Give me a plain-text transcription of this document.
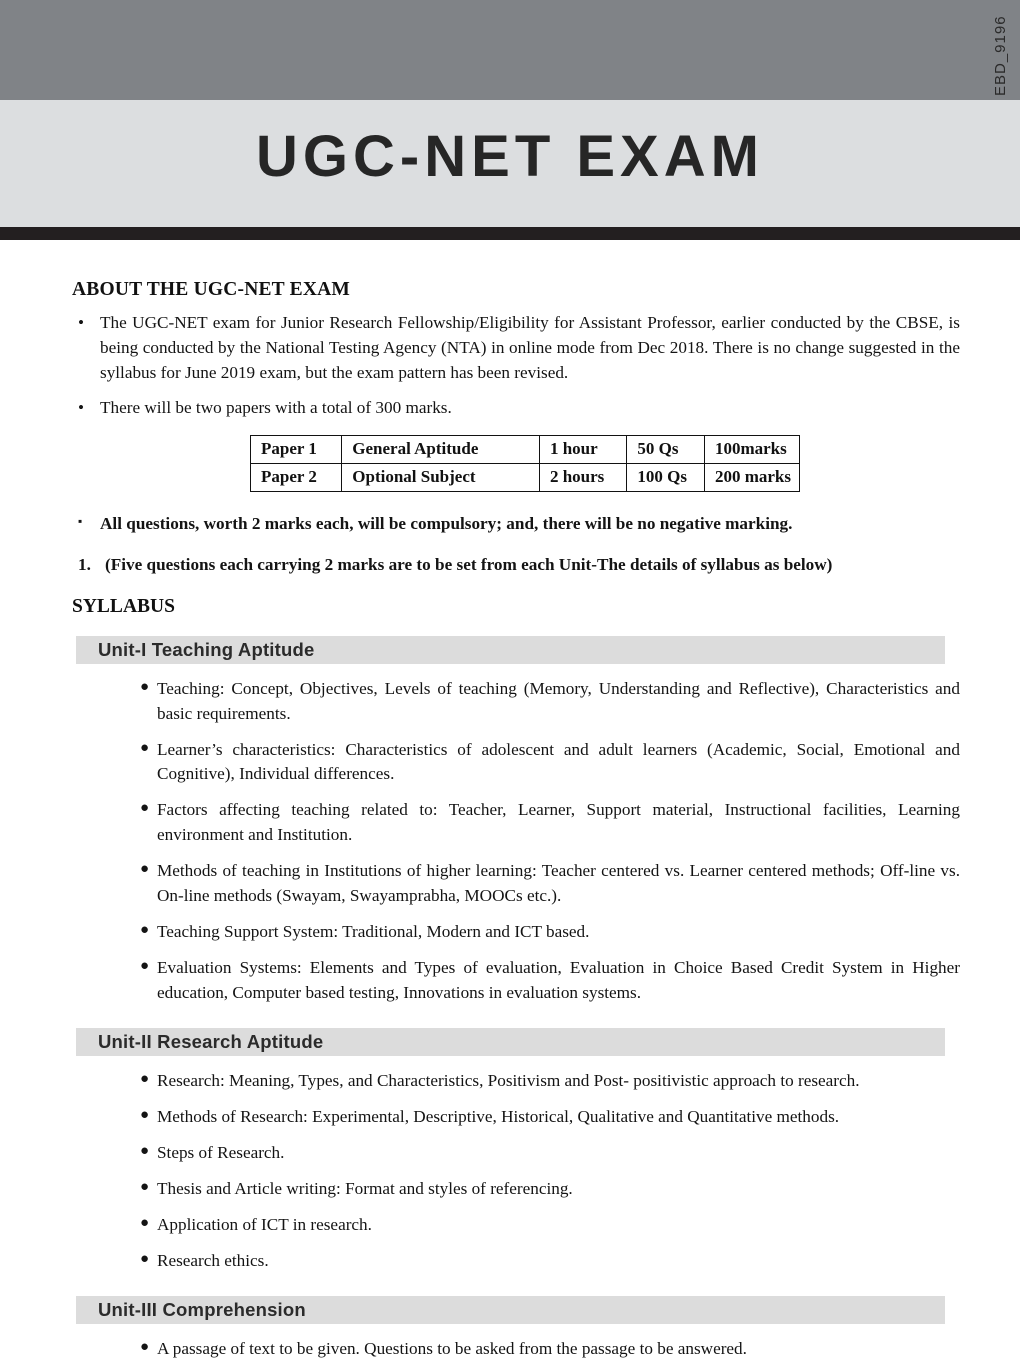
EBD_9196
UGC-NET EXAM
ABOUT THE UGC-NET EXAM
• The UGC-NET exam for Junior Research Fellowship/Eligibility for Assistant Professor, earlier conducted by the CBSE, is being conducted by the National Testing Agency (NTA) in online mode from Dec 2018. There is no change suggested in the syllabus for June 2019 exam, but the exam pattern has been revised.
• There will be two papers with a total of 300 marks.
Paper 1	General Aptitude	1 hour	50 Qs	100marks
Paper 2	Optional Subject	2 hours	100 Qs	200 marks
▪ All questions, worth 2 marks each, will be compulsory; and, there will be no negative marking.
1. (Five questions each carrying 2 marks are to be set from each Unit-The details of syllabus as below)
SYLLABUS
Unit-I Teaching Aptitude
● Teaching: Concept, Objectives, Levels of teaching (Memory, Understanding and Reflective), Characteristics and basic requirements.
● Learner’s characteristics: Characteristics of adolescent and adult learners (Academic, Social, Emotional and Cognitive), Individual differences.
● Factors affecting teaching related to: Teacher, Learner, Support material, Instructional facilities, Learning environment and Institution.
● Methods of teaching in Institutions of higher learning: Teacher centered vs. Learner centered methods; Off-line vs. On-line methods (Swayam, Swayamprabha, MOOCs etc.).
● Teaching Support System: Traditional, Modern and ICT based.
● Evaluation Systems: Elements and Types of evaluation, Evaluation in Choice Based Credit System in Higher education, Computer based testing, Innovations in evaluation systems.
Unit-II Research Aptitude
● Research: Meaning, Types, and Characteristics, Positivism and Post- positivistic approach to research.
● Methods of Research: Experimental, Descriptive, Historical, Qualitative and Quantitative methods.
● Steps of Research.
● Thesis and Article writing: Format and styles of referencing.
● Application of ICT in research.
● Research ethics.
Unit-III Comprehension
● A passage of text to be given. Questions to be asked from the passage to be answered.
